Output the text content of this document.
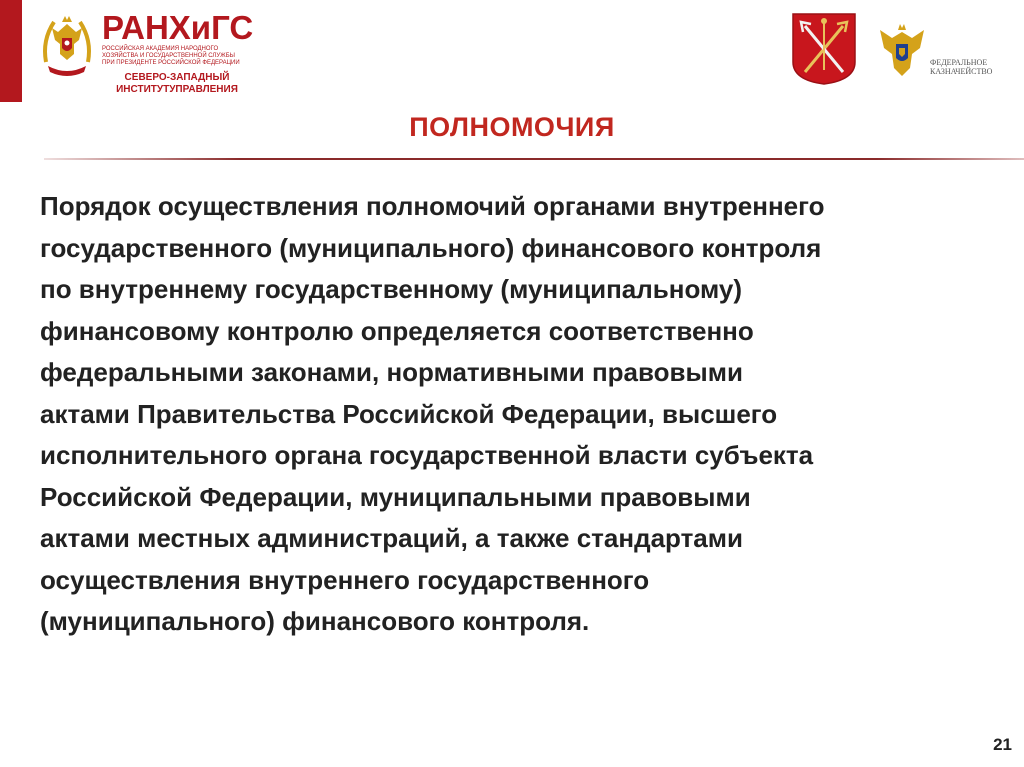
РАНХиГС
РОССИЙСКАЯ АКАДЕМИЯ НАРОДНОГО ХОЗЯЙСТВА И ГОСУДАРСТВЕННОЙ СЛУЖБЫ ПРИ ПРЕЗИДЕНТЕ РОССИЙСКОЙ ФЕДЕРАЦИИ
СЕВЕРО-ЗАПАДНЫЙ
ИНСТИТУТУПРАВЛЕНИЯ
ФЕДЕРАЛЬНОЕ
КАЗНАЧЕЙСТВО
ПОЛНОМОЧИЯ
Порядок осуществления полномочий органами внутреннего
государственного (муниципального) финансового контроля
по внутреннему государственному (муниципальному)
финансовому контролю определяется соответственно
федеральными законами, нормативными правовыми
актами Правительства Российской Федерации, высшего
исполнительного органа государственной власти субъекта
Российской Федерации, муниципальными правовыми
актами местных администраций, а также стандартами
осуществления внутреннего государственного
(муниципального) финансового контроля.
21
